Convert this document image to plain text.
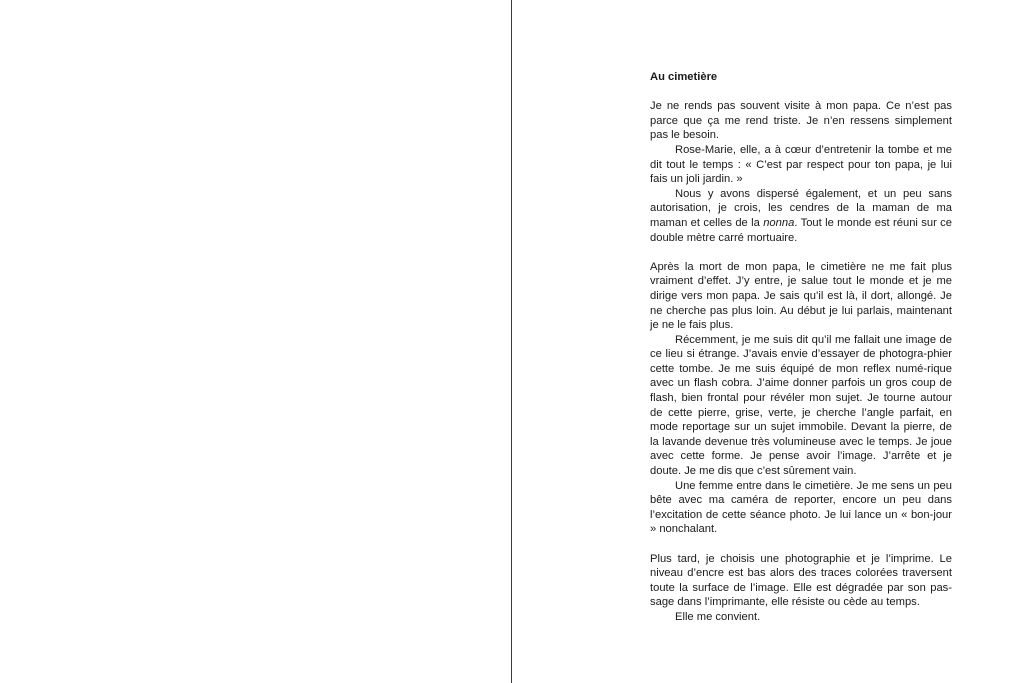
Au cimetière

Je ne rends pas souvent visite à mon papa. Ce n’est pas parce que ça me rend triste. Je n’en ressens simplement pas le besoin.

Rose-Marie, elle, a à cœur d’entretenir la tombe et me dit tout le temps : « C’est par respect pour ton papa, je lui fais un joli jardin. »

Nous y avons dispersé également, et un peu sans autorisation, je crois, les cendres de la maman de ma maman et celles de la nonna. Tout le monde est réuni sur ce double mètre carré mortuaire.

Après la mort de mon papa, le cimetière ne me fait plus vraiment d’effet. J’y entre, je salue tout le monde et je me dirige vers mon papa. Je sais qu’il est là, il dort, allongé. Je ne cherche pas plus loin. Au début je lui parlais, maintenant je ne le fais plus.

Récemment, je me suis dit qu’il me fallait une image de ce lieu si étrange. J’avais envie d’essayer de photogra-phier cette tombe. Je me suis équipé de mon reflex numé-rique avec un flash cobra. J’aime donner parfois un gros coup de flash, bien frontal pour révéler mon sujet. Je tourne autour de cette pierre, grise, verte, je cherche l’angle parfait, en mode reportage sur un sujet immobile. Devant la pierre, de la lavande devenue très volumineuse avec le temps. Je joue avec cette forme. Je pense avoir l’image. J’arrête et je doute. Je me dis que c’est sûrement vain.

Une femme entre dans le cimetière. Je me sens un peu bête avec ma caméra de reporter, encore un peu dans l’excitation de cette séance photo. Je lui lance un « bon-jour » nonchalant.

Plus tard, je choisis une photographie et je l’imprime. Le niveau d’encre est bas alors des traces colorées traversent toute la surface de l’image. Elle est dégradée par son pas-sage dans l’imprimante, elle résiste ou cède au temps.

Elle me convient.
